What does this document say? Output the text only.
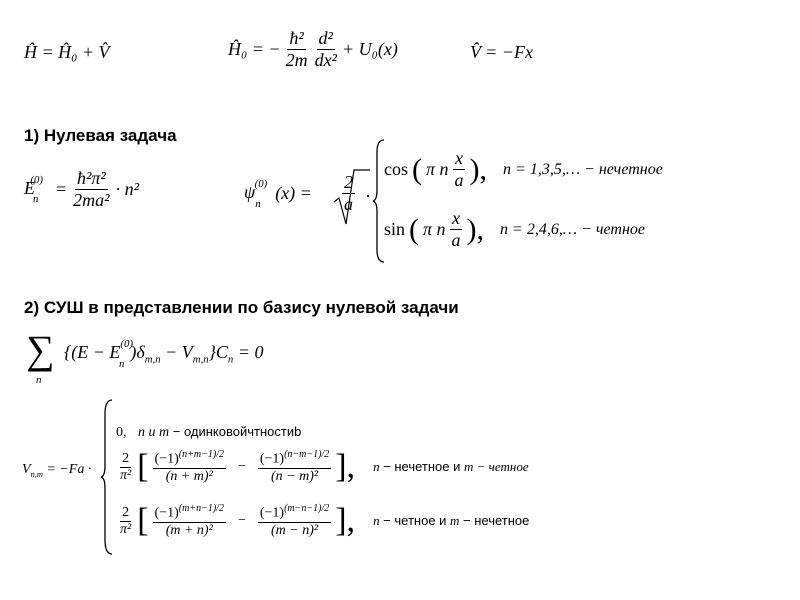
Ĥ = Ĥ₀ + V̂	Ĥ₀ = − $\frac{\text{ħ²}}{2m} \frac{\text{d²}}{\text{dx²}} + U_0(x)$	V̂ = −Fx
1) Нулевая задача
$E_n^{(0)} = \frac{\text{ħ²π²}}{\text{2ma²}} \cdot n^2$	$\psi_n^{(0)}$ $(x) = \frac{2}{a}$ ·
cos ( π n $\frac{x}{a}$ ), n = 1,3,5,… − нечетное
sin ( π n $\frac{x}{a}$ ), n = 2,4,6,… − четное
2) СУШ в представлении по базису нулевой задачи
∑
n
$\{(E - E^{(0)}_n)\delta_{m,n} - V_{m,n}\}C_n = 0$
$V_{n,m} = -Fa$ ·
0, n и m − одинковойчтностиb
$\frac{2}{\text{π²}}$ [ $\frac{(-1)^{(n+m-1)/2}}{\text{(n + m)²}} - \frac{(-1)^{(n-m-1)/2}}{\text{(n − m)²}}$ ], n − нечетное и m − четное
$\frac{2}{\text{π²}}$ [ $\frac{(-1)^{(m+n-1)/2}}{\text{(m + n)²}} - \frac{(-1)^{(m-n-1)/2}}{\text{(m − n)²}}$ ], n − четное и m − нечетное
